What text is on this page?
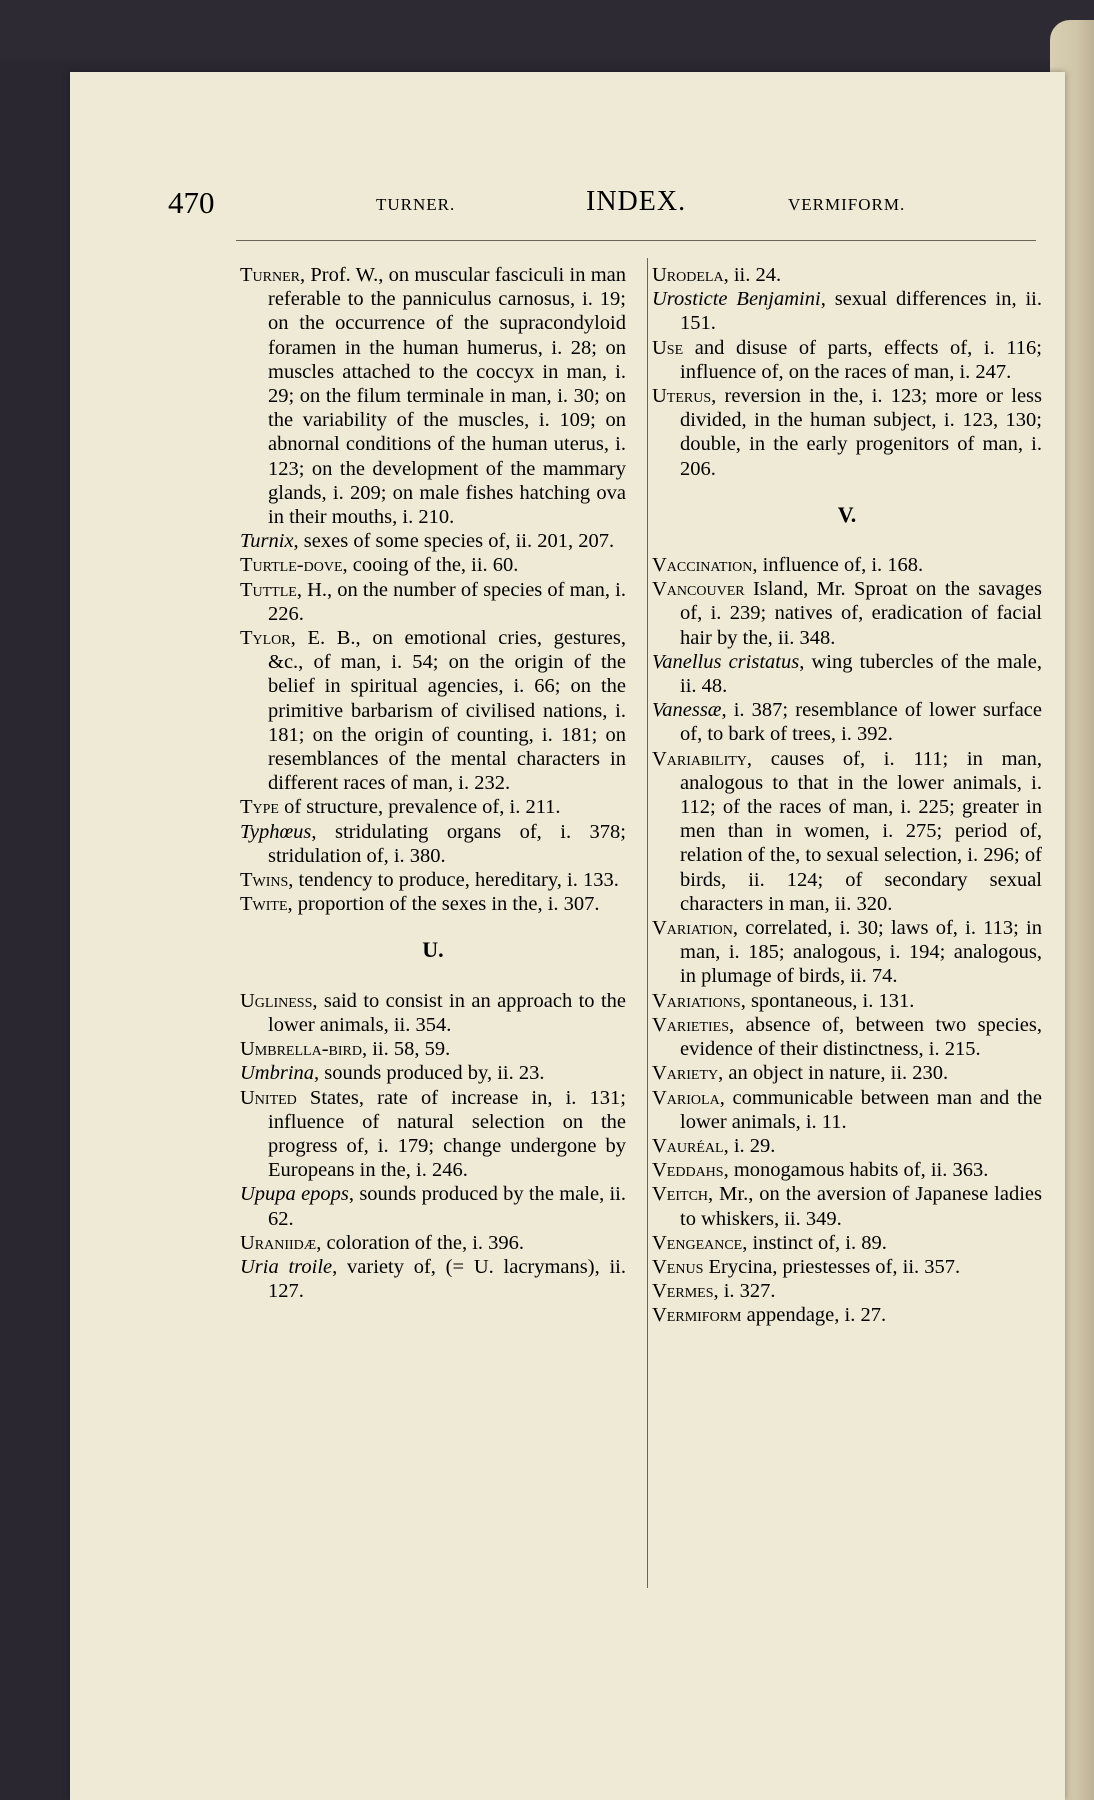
470	TURNER.	INDEX.	VERMIFORM.

Turner, Prof. W., on muscular fasciculi in man referable to the panniculus carnosus, i. 19; on the occurrence of the supracondyloid foramen in the human humerus, i. 28; on muscles attached to the coccyx in man, i. 29; on the filum terminale in man, i. 30; on the variability of the muscles, i. 109; on abnornal conditions of the human uterus, i. 123; on the development of the mammary glands, i. 209; on male fishes hatching ova in their mouths, i. 210.

Turnix, sexes of some species of, ii. 201, 207.

Turtle-dove, cooing of the, ii. 60.

Tuttle, H., on the number of species of man, i. 226.

Tylor, E. B., on emotional cries, gestures, &c., of man, i. 54; on the origin of the belief in spiritual agencies, i. 66; on the primitive barbarism of civilised nations, i. 181; on the origin of counting, i. 181; on resemblances of the mental characters in different races of man, i. 232.

Type of structure, prevalence of, i. 211.

Typhœus, stridulating organs of, i. 378; stridulation of, i. 380.

Twins, tendency to produce, hereditary, i. 133.

Twite, proportion of the sexes in the, i. 307.

U.

Ugliness, said to consist in an approach to the lower animals, ii. 354.

Umbrella-bird, ii. 58, 59.

Umbrina, sounds produced by, ii. 23.

United States, rate of increase in, i. 131; influence of natural selection on the progress of, i. 179; change undergone by Europeans in the, i. 246.

Upupa epops, sounds produced by the male, ii. 62.

Uraniidæ, coloration of the, i. 396.

Uria troile, variety of, (= U. lacrymans), ii. 127.

Urodela, ii. 24.

Urosticte Benjamini, sexual differences in, ii. 151.

Use and disuse of parts, effects of, i. 116; influence of, on the races of man, i. 247.

Uterus, reversion in the, i. 123; more or less divided, in the human subject, i. 123, 130; double, in the early progenitors of man, i. 206.

V.

Vaccination, influence of, i. 168.

Vancouver Island, Mr. Sproat on the savages of, i. 239; natives of, eradication of facial hair by the, ii. 348.

Vanellus cristatus, wing tubercles of the male, ii. 48.

Vanessæ, i. 387; resemblance of lower surface of, to bark of trees, i. 392.

Variability, causes of, i. 111; in man, analogous to that in the lower animals, i. 112; of the races of man, i. 225; greater in men than in women, i. 275; period of, relation of the, to sexual selection, i. 296; of birds, ii. 124; of secondary sexual characters in man, ii. 320.

Variation, correlated, i. 30; laws of, i. 113; in man, i. 185; analogous, i. 194; analogous, in plumage of birds, ii. 74.

Variations, spontaneous, i. 131.

Varieties, absence of, between two species, evidence of their distinctness, i. 215.

Variety, an object in nature, ii. 230.

Variola, communicable between man and the lower animals, i. 11.

Vauréal, i. 29.

Veddahs, monogamous habits of, ii. 363.

Veitch, Mr., on the aversion of Japanese ladies to whiskers, ii. 349.

Vengeance, instinct of, i. 89.

Venus Erycina, priestesses of, ii. 357.

Vermes, i. 327.

Vermiform appendage, i. 27.
